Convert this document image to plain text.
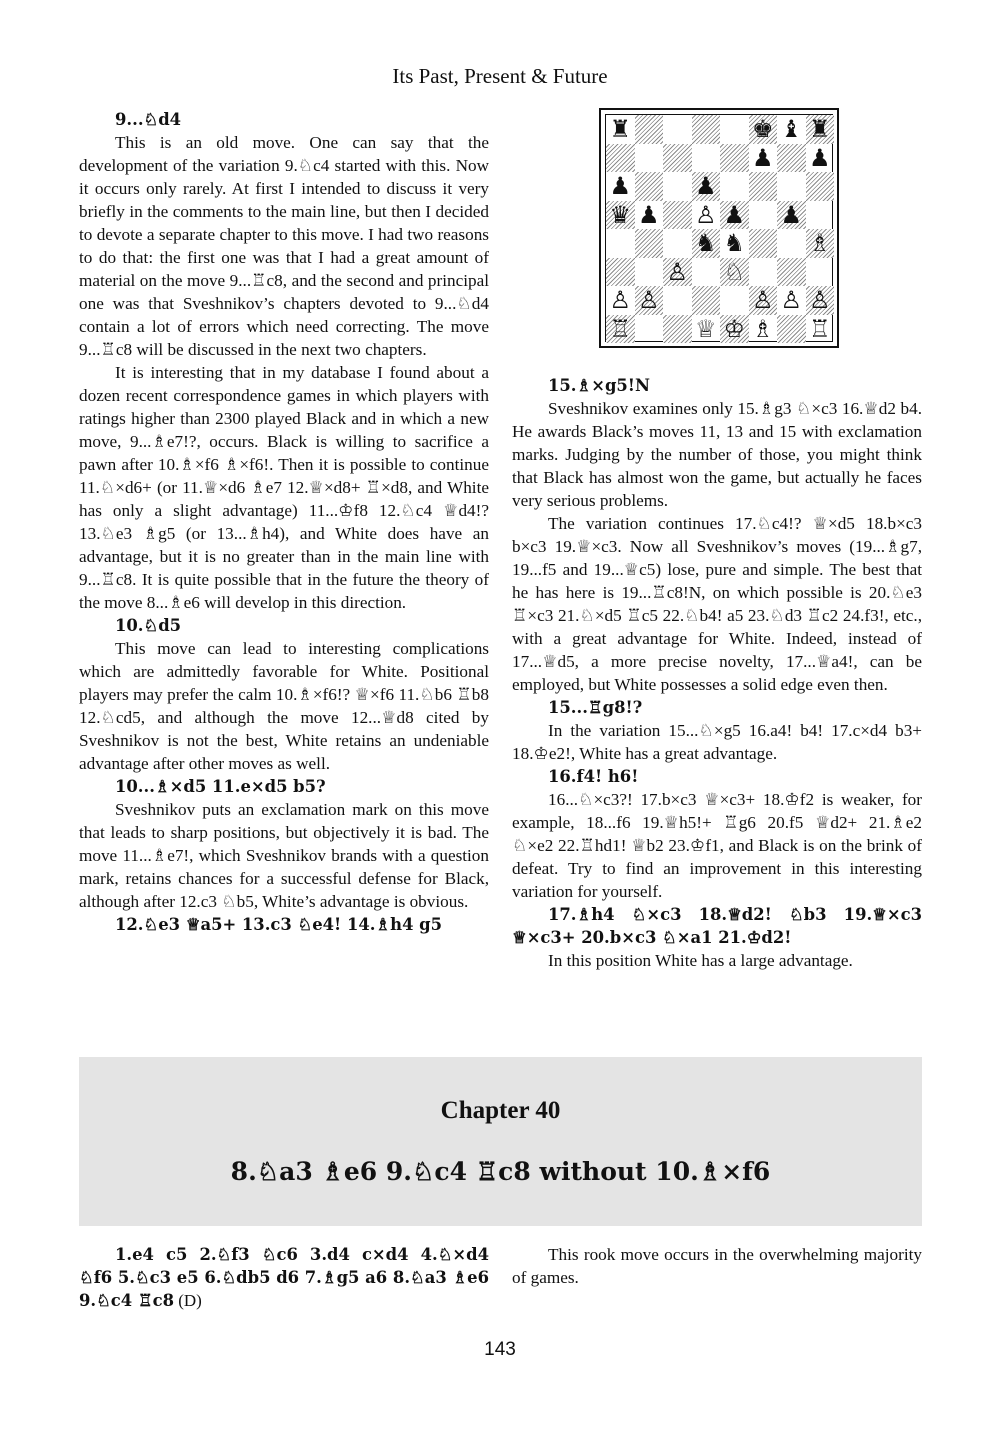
Its Past, Present & Future

9...♘d4

This is an old move. One can say that the development of the variation 9.♘c4 started with this. Now it occurs only rarely. At first I intended to discuss it very briefly in the comments to the main line, but then I decided to devote a separate chapter to this move. I had two reasons to do that: the first one was that I had a great amount of material on the move 9...♖c8, and the second and principal one was that Sveshnikov’s chapters devoted to 9...♘d4 contain a lot of errors which need correcting. The move 9...♖c8 will be discussed in the next two chapters.

It is interesting that in my database I found about a dozen recent correspondence games in which players with ratings higher than 2300 played Black and in which a new move, 9...♗e7!?, occurs. Black is willing to sacrifice a pawn after 10.♗×f6 ♗×f6!. Then it is possible to continue 11.♘×d6+ (or 11.♕×d6 ♗e7 12.♕×d8+ ♖×d8, and White has only a slight advantage) 11...♔f8 12.♘c4 ♕d4!? 13.♘e3 ♗g5 (or 13...♗h4), and White does have an advantage, but it is no greater than in the main line with 9...♖c8. It is quite possible that in the future the theory of the move 8...♗e6 will develop in this direction.

10.♘d5

This move can lead to interesting complications which are admittedly favorable for White. Positional players may prefer the calm 10.♗×f6!? ♕×f6 11.♘b6 ♖b8 12.♘cd5, and although the move 12...♕d8 cited by Sveshnikov is not the best, White retains an undeniable advantage after other moves as well.

10...♗×d5 11.e×d5 b5?

Sveshnikov puts an exclamation mark on this move that leads to sharp positions, but objectively it is bad. The move 11...♗e7!, which Sveshnikov brands with a question mark, retains chances for a successful defense for Black, although after 12.c3 ♘b5, White’s advantage is obvious.

12.♘e3 ♕a5+ 13.c3 ♘e4! 14.♗h4 g5

♜	♚ ♝ ♜
♟ ♟
♟	♟
♛ ♟ ♙ ♟ ♟
♞ ♞	♗
♙ ♘
♙ ♙	♙ ♙ ♙
♖	♕ ♔ ♗ ♖

15.♗×g5!N

Sveshnikov examines only 15.♗g3 ♘×c3 16.♕d2 b4. He awards Black’s moves 11, 13 and 15 with exclamation marks. Judging by the number of those, you might think that Black has almost won the game, but actually he faces very serious problems.

The variation continues 17.♘c4!? ♕×d5 18.b×c3 b×c3 19.♕×c3. Now all Sveshnikov’s moves (19...♗g7, 19...f5 and 19...♕c5) lose, pure and simple. The best that he has here is 19...♖c8!N, on which possible is 20.♘e3 ♖×c3 21.♘×d5 ♖c5 22.♘b4! a5 23.♘d3 ♖c2 24.f3!, etc., with a great advantage for White. Indeed, instead of 17...♕d5, a more precise novelty, 17...♕a4!, can be employed, but White possesses a solid edge even then.

15...♖g8!?

In the variation 15...♘×g5 16.a4! b4! 17.c×d4 b3+ 18.♔e2!, White has a great advantage.

16.f4! h6!

16...♘×c3?! 17.b×c3 ♕×c3+ 18.♔f2 is weaker, for example, 18...f6 19.♕h5!+ ♖g6 20.f5 ♕d2+ 21.♗e2 ♘×e2 22.♖hd1! ♕b2 23.♔f1, and Black is on the brink of defeat. Try to find an improvement in this interesting variation for yourself.

17.♗h4 ♘×c3 18.♕d2! ♘b3 19.♕×c3 ♕×c3+ 20.b×c3 ♘×a1 21.♔d2!

In this position White has a large advantage.

Chapter 40
8.♘a3 ♗e6 9.♘c4 ♖c8 without 10.♗×f6

1.e4 c5 2.♘f3 ♘c6 3.d4 c×d4 4.♘×d4 ♘f6 5.♘c3 e5 6.♘db5 d6 7.♗g5 a6 8.♘a3 ♗e6 9.♘c4 ♖c8 (D)

This rook move occurs in the overwhelming majority of games.

143
